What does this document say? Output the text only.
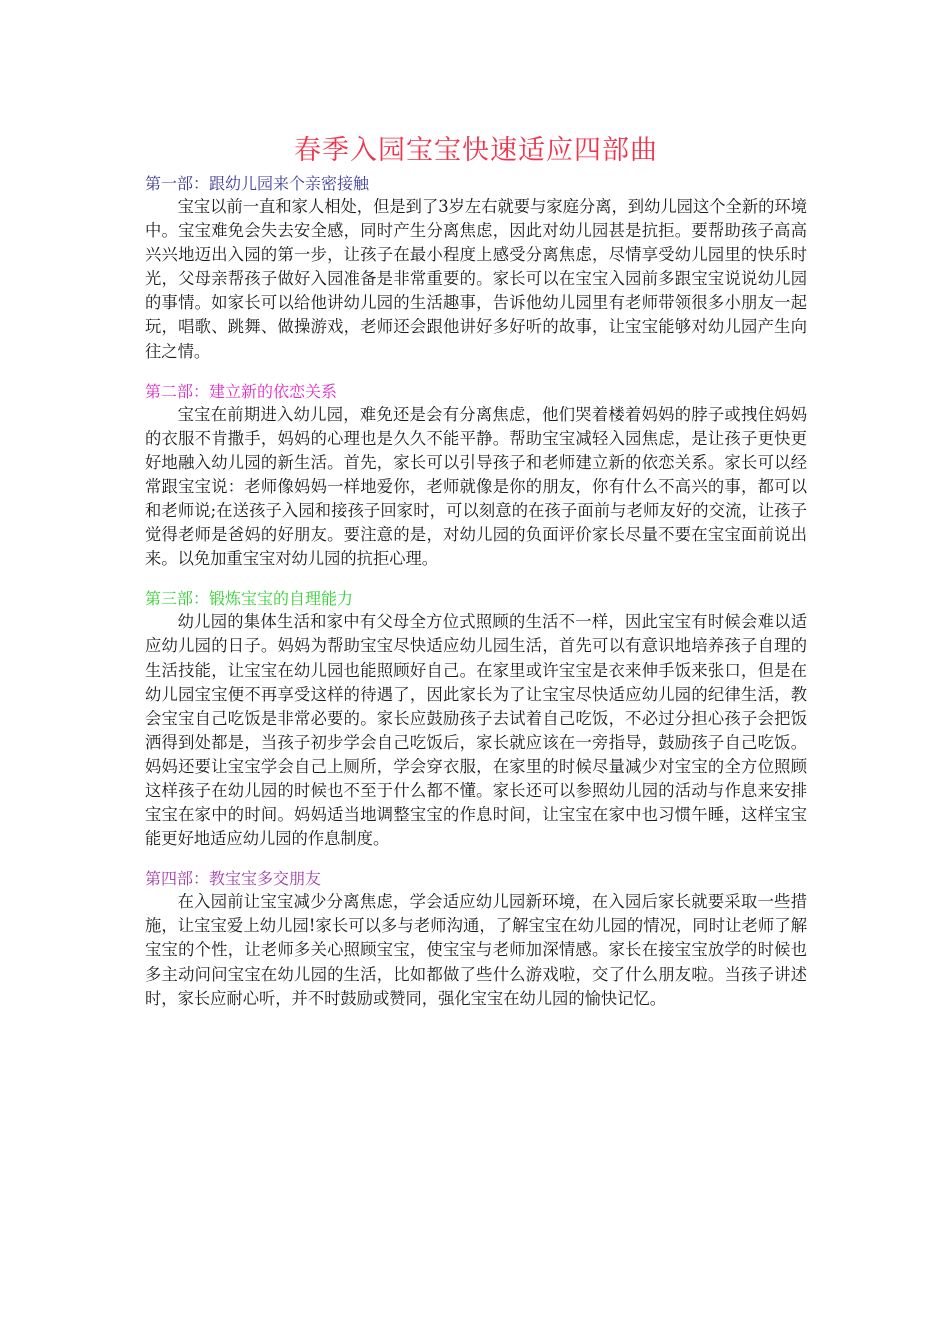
春季入园宝宝快速适应四部曲
第一部：跟幼儿园来个亲密接触

宝宝以前一直和家人相处，但是到了3岁左右就要与家庭分离，到幼儿园这个全新的环境中。宝宝难免会失去安全感，同时产生分离焦虑，因此对幼儿园甚是抗拒。要帮助孩子高高兴兴地迈出入园的第一步，让孩子在最小程度上感受分离焦虑，尽情享受幼儿园里的快乐时光，父母亲帮孩子做好入园准备是非常重要的。家长可以在宝宝入园前多跟宝宝说说幼儿园的事情。如家长可以给他讲幼儿园的生活趣事，告诉他幼儿园里有老师带领很多小朋友一起玩，唱歌、跳舞、做操游戏，老师还会跟他讲好多好听的故事，让宝宝能够对幼儿园产生向往之情。

第二部：建立新的依恋关系

宝宝在前期进入幼儿园，难免还是会有分离焦虑，他们哭着楼着妈妈的脖子或拽住妈妈的衣服不肯撒手，妈妈的心理也是久久不能平静。帮助宝宝减轻入园焦虑，是让孩子更快更好地融入幼儿园的新生活。首先，家长可以引导孩子和老师建立新的依恋关系。家长可以经常跟宝宝说：老师像妈妈一样地爱你，老师就像是你的朋友，你有什么不高兴的事，都可以和老师说;在送孩子入园和接孩子回家时，可以刻意的在孩子面前与老师友好的交流，让孩子觉得老师是爸妈的好朋友。要注意的是，对幼儿园的负面评价家长尽量不要在宝宝面前说出来。以免加重宝宝对幼儿园的抗拒心理。

第三部：锻炼宝宝的自理能力

幼儿园的集体生活和家中有父母全方位式照顾的生活不一样，因此宝宝有时候会难以适应幼儿园的日子。妈妈为帮助宝宝尽快适应幼儿园生活，首先可以有意识地培养孩子自理的生活技能，让宝宝在幼儿园也能照顾好自己。在家里或许宝宝是衣来伸手饭来张口，但是在幼儿园宝宝便不再享受这样的待遇了，因此家长为了让宝宝尽快适应幼儿园的纪律生活，教会宝宝自己吃饭是非常必要的。家长应鼓励孩子去试着自己吃饭，不必过分担心孩子会把饭洒得到处都是，当孩子初步学会自己吃饭后，家长就应该在一旁指导，鼓励孩子自己吃饭。妈妈还要让宝宝学会自己上厕所，学会穿衣服，在家里的时候尽量减少对宝宝的全方位照顾这样孩子在幼儿园的时候也不至于什么都不懂。家长还可以参照幼儿园的活动与作息来安排宝宝在家中的时间。妈妈适当地调整宝宝的作息时间，让宝宝在家中也习惯午睡，这样宝宝能更好地适应幼儿园的作息制度。

第四部：教宝宝多交朋友

在入园前让宝宝减少分离焦虑，学会适应幼儿园新环境，在入园后家长就要采取一些措施，让宝宝爱上幼儿园!家长可以多与老师沟通，了解宝宝在幼儿园的情况，同时让老师了解宝宝的个性，让老师多关心照顾宝宝，使宝宝与老师加深情感。家长在接宝宝放学的时候也多主动问问宝宝在幼儿园的生活，比如都做了些什么游戏啦，交了什么朋友啦。当孩子讲述时，家长应耐心听，并不时鼓励或赞同，强化宝宝在幼儿园的愉快记忆。
